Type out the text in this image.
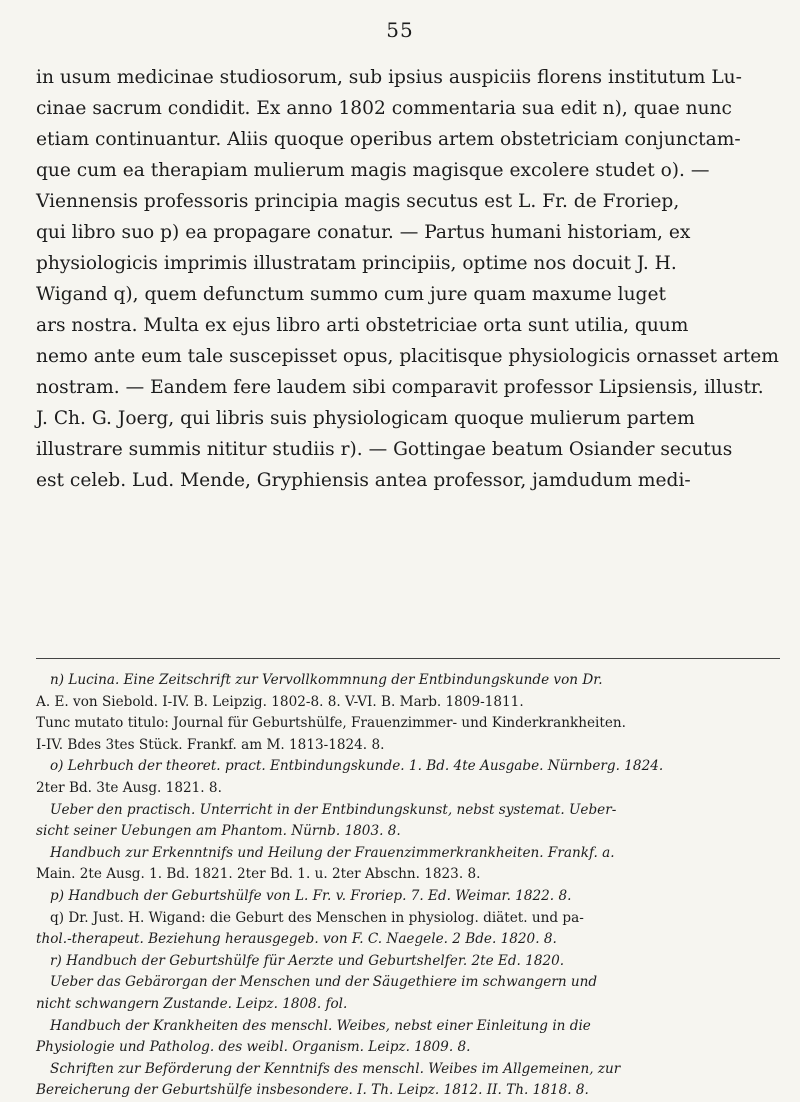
55
in usum medicinae studiosorum, sub ipsius auspiciis florens institutum Lu-
cinae sacrum condidit. Ex anno 1802 commentaria sua edit n), quae nunc
etiam continuantur. Aliis quoque operibus artem obstetriciam conjunctam-
que cum ea therapiam mulierum magis magisque excolere studet o). —
Viennensis professoris principia magis secutus est L. Fr. de Froriep,
qui libro suo p) ea propagare conatur. — Partus humani historiam, ex
physiologicis imprimis illustratam principiis, optime nos docuit J. H.
Wigand q), quem defunctum summo cum jure quam maxume luget
ars nostra. Multa ex ejus libro arti obstetriciae orta sunt utilia, quum
nemo ante eum tale suscepisset opus, placitisque physiologicis ornasset artem
nostram. — Eandem fere laudem sibi comparavit professor Lipsiensis, illustr.
J. Ch. G. Joerg, qui libris suis physiologicam quoque mulierum partem
illustrare summis nititur studiis r). — Gottingae beatum Osiander secutus
est celeb. Lud. Mende, Gryphiensis antea professor, jamdudum medi-
n) Lucina. Eine Zeitschrift zur Vervollkommnung der Entbindungskunde von Dr.
A. E. von Siebold. I-IV. B. Leipzig. 1802-8. 8. V-VI. B. Marb. 1809-1811.
Tunc mutato titulo: Journal für Geburtshülfe, Frauenzimmer- und Kinderkrankheiten.
I-IV. Bdes 3tes Stück. Frankf. am M. 1813-1824. 8.
o) Lehrbuch der theoret. pract. Entbindungskunde. 1. Bd. 4te Ausgabe. Nürnberg. 1824.
2ter Bd. 3te Ausg. 1821. 8.
Ueber den practisch. Unterricht in der Entbindungskunst, nebst systemat. Ueber-
sicht seiner Uebungen am Phantom. Nürnb. 1803. 8.
Handbuch zur Erkenntnifs und Heilung der Frauenzimmerkrankheiten. Frankf. a.
Main. 2te Ausg. 1. Bd. 1821. 2ter Bd. 1. u. 2ter Abschn. 1823. 8.
p) Handbuch der Geburtshülfe von L. Fr. v. Froriep. 7. Ed. Weimar. 1822. 8.
q) Dr. Just. H. Wigand: die Geburt des Menschen in physiolog. diätet. und pa-
thol.-therapeut. Beziehung herausgegeb. von F. C. Naegele. 2 Bde. 1820. 8.
r) Handbuch der Geburtshülfe für Aerzte und Geburtshelfer. 2te Ed. 1820.
Ueber das Gebärorgan der Menschen und der Säugethiere im schwangern und
nicht schwangern Zustande. Leipz. 1808. fol.
Handbuch der Krankheiten des menschl. Weibes, nebst einer Einleitung in die
Physiologie und Patholog. des weibl. Organism. Leipz. 1809. 8.
Schriften zur Beförderung der Kenntnifs des menschl. Weibes im Allgemeinen, zur
Bereicherung der Geburtshülfe insbesondere. I. Th. Leipz. 1812. II. Th. 1818. 8.
